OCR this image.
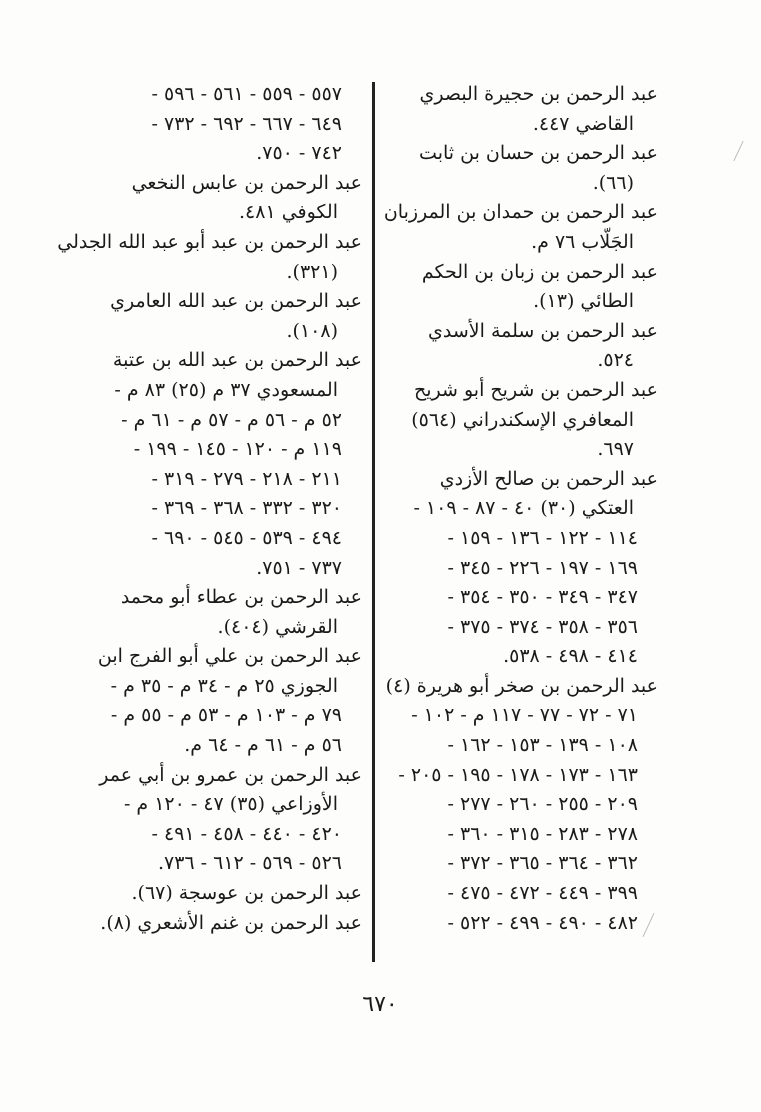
عبد الرحمن بن حجيرة البصري
القاضي ٤٤٧.
عبد الرحمن بن حسان بن ثابت
(٦٦).
عبد الرحمن بن حمدان بن المرزبان
الجَلّاب ٧٦ م.
عبد الرحمن بن زبان بن الحكم
الطائي (١٣).
عبد الرحمن بن سلمة الأسدي
٥٢٤.
عبد الرحمن بن شريح أبو شريح
المعافري الإسكندراني (٥٦٤)
٦٩٧.
عبد الرحمن بن صالح الأزدي
العتكي (٣٠) ٤٠ - ٨٧ - ١٠٩ -
١١٤ - ١٢٢ - ١٣٦ - ١٥٩ -
١٦٩ - ١٩٧ - ٢٢٦ - ٣٤٥ -
٣٤٧ - ٣٤٩ - ٣٥٠ - ٣٥٤ -
٣٥٦ - ٣٥٨ - ٣٧٤ - ٣٧٥ -
٤١٤ - ٤٩٨ - ٥٣٨.
عبد الرحمن بن صخر أبو هريرة (٤)
٧١ - ٧٢ - ٧٧ - ١١٧ م - ١٠٢ -
١٠٨ - ١٣٩ - ١٥٣ - ١٦٢ -
١٦٣ - ١٧٣ - ١٧٨ - ١٩٥ - ٢٠٥ -
٢٠٩ - ٢٥٥ - ٢٦٠ - ٢٧٧ -
٢٧٨ - ٢٨٣ - ٣١٥ - ٣٦٠ -
٣٦٢ - ٣٦٤ - ٣٦٥ - ٣٧٢ -
٣٩٩ - ٤٤٩ - ٤٧٢ - ٤٧٥ -
٤٨٢ - ٤٩٠ - ٤٩٩ - ٥٢٢ -
٥٥٧ - ٥٥٩ - ٥٦١ - ٥٩٦ -
٦٤٩ - ٦٦٧ - ٦٩٢ - ٧٣٢ -
٧٤٢ - ٧٥٠.
عبد الرحمن بن عابس النخعي
الكوفي ٤٨١.
عبد الرحمن بن عبد أبو عبد الله الجدلي
(٣٢١).
عبد الرحمن بن عبد الله العامري
(١٠٨).
عبد الرحمن بن عبد الله بن عتبة
المسعودي ٣٧ م (٢٥) ٨٣ م -
٥٢ م - ٥٦ م - ٥٧ م - ٦١ م -
١١٩ م - ١٢٠ - ١٤٥ - ١٩٩ -
٢١١ - ٢١٨ - ٢٧٩ - ٣١٩ -
٣٢٠ - ٣٣٢ - ٣٦٨ - ٣٦٩ -
٤٩٤ - ٥٣٩ - ٥٤٥ - ٦٩٠ -
٧٣٧ - ٧٥١.
عبد الرحمن بن عطاء أبو محمد
القرشي (٤٠٤).
عبد الرحمن بن علي أبو الفرج ابن
الجوزي ٢٥ م - ٣٤ م - ٣٥ م -
٧٩ م - ١٠٣ م - ٥٣ م - ٥٥ م -
٥٦ م - ٦١ م - ٦٤ م.
عبد الرحمن بن عمرو بن أبي عمر
الأوزاعي (٣٥) ٤٧ - ١٢٠ م -
٤٢٠ - ٤٤٠ - ٤٥٨ - ٤٩١ -
٥٢٦ - ٥٦٩ - ٦١٢ - ٧٣٦.
عبد الرحمن بن عوسجة (٦٧).
عبد الرحمن بن غنم الأشعري (٨).
٦٧٠
